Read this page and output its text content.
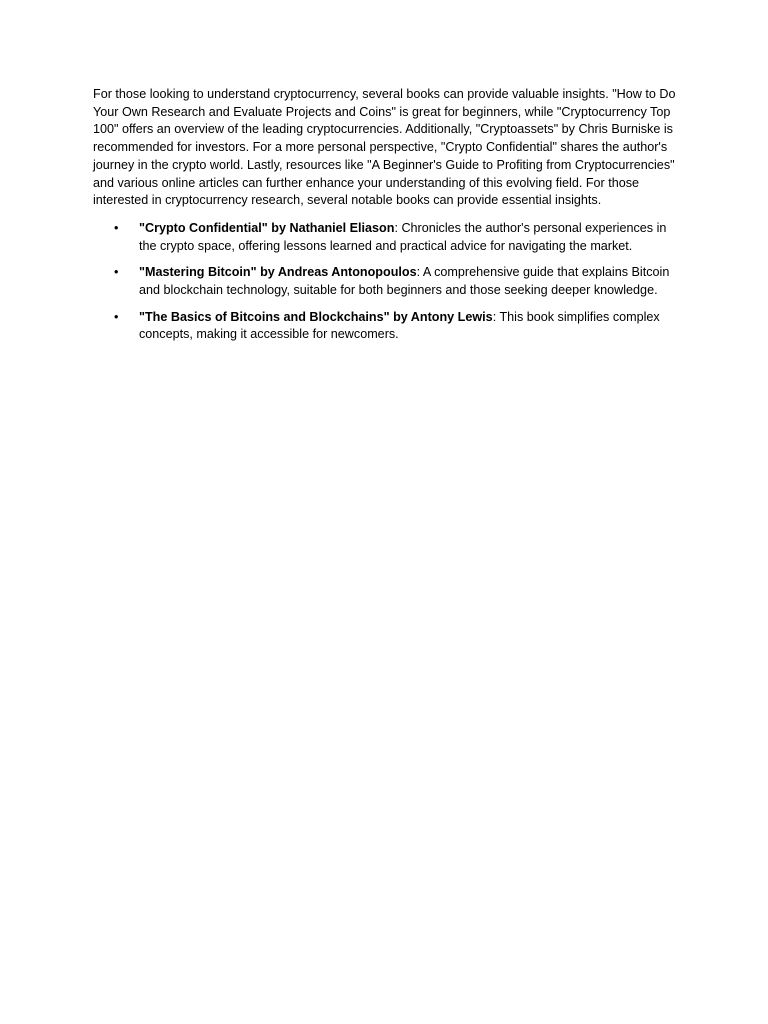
For those looking to understand cryptocurrency, several books can provide valuable insights. "How to Do Your Own Research and Evaluate Projects and Coins" is great for beginners, while "Cryptocurrency Top 100" offers an overview of the leading cryptocurrencies. Additionally, "Cryptoassets" by Chris Burniske is recommended for investors. For a more personal perspective, "Crypto Confidential" shares the author's journey in the crypto world. Lastly, resources like "A Beginner's Guide to Profiting from Cryptocurrencies" and various online articles can further enhance your understanding of this evolving field. For those interested in cryptocurrency research, several notable books can provide essential insights.

• "Crypto Confidential" by Nathaniel Eliason: Chronicles the author's personal experiences in the crypto space, offering lessons learned and practical advice for navigating the market.
• "Mastering Bitcoin" by Andreas Antonopoulos: A comprehensive guide that explains Bitcoin and blockchain technology, suitable for both beginners and those seeking deeper knowledge.
• "The Basics of Bitcoins and Blockchains" by Antony Lewis: This book simplifies complex concepts, making it accessible for newcomers.
